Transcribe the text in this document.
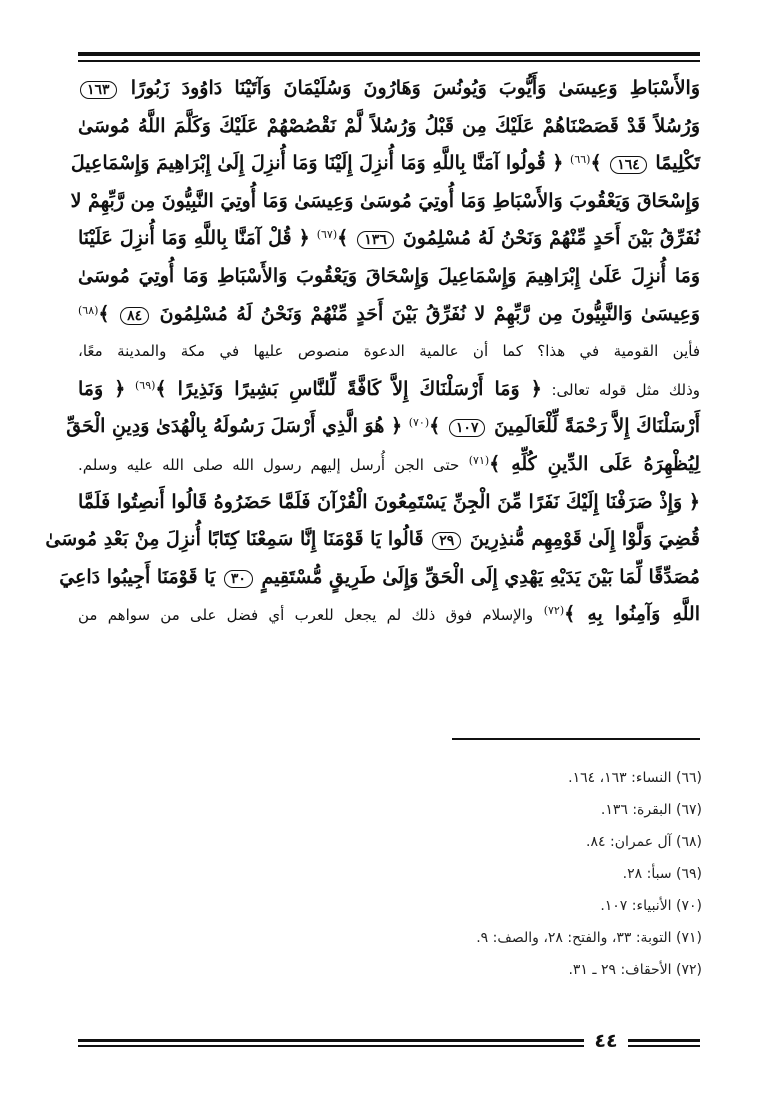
وَالأَسْبَاطِ وَعِيسَىٰ وَأَيُّوبَ وَيُونُسَ وَهَارُونَ وَسُلَيْمَانَ وَآتَيْنَا دَاوُودَ زَبُورًا ١٦٣
وَرُسُلاً قَدْ قَصَصْنَاهُمْ عَلَيْكَ مِن قَبْلُ وَرُسُلاً لَّمْ نَقْصُصْهُمْ عَلَيْكَ وَكَلَّمَ اللَّهُ مُوسَىٰ
تَكْلِيمًا ١٦٤ ﴾$^{(٦٦)}$ ﴿ قُولُوا آمَنَّا بِاللَّهِ وَمَا أُنزِلَ إِلَيْنَا وَمَا أُنزِلَ إِلَىٰ إِبْرَاهِيمَ وَإِسْمَاعِيلَ
وَإِسْحَاقَ وَيَعْقُوبَ وَالأَسْبَاطِ وَمَا أُوتِيَ مُوسَىٰ وَعِيسَىٰ وَمَا أُوتِيَ النَّبِيُّونَ مِن رَّبِّهِمْ لا
نُفَرِّقُ بَيْنَ أَحَدٍ مِّنْهُمْ وَنَحْنُ لَهُ مُسْلِمُونَ ١٣٦ ﴾$^{(٦٧)}$ ﴿ قُلْ آمَنَّا بِاللَّهِ وَمَا أُنزِلَ عَلَيْنَا
وَمَا أُنزِلَ عَلَىٰ إِبْرَاهِيمَ وَإِسْمَاعِيلَ وَإِسْحَاقَ وَيَعْقُوبَ وَالأَسْبَاطِ وَمَا أُوتِيَ مُوسَىٰ
وَعِيسَىٰ وَالنَّبِيُّونَ مِن رَّبِّهِمْ لا نُفَرِّقُ بَيْنَ أَحَدٍ مِّنْهُمْ وَنَحْنُ لَهُ مُسْلِمُونَ ٨٤ ﴾$^{(٦٨)}$
فأين القومية في هذا؟ كما أن عالمية الدعوة منصوص عليها في مكة والمدينة معًا،
وذلك مثل قوله تعالى: ﴿ وَمَا أَرْسَلْنَاكَ إِلاَّ كَافَّةً لِّلنَّاسِ بَشِيرًا وَنَذِيرًا ﴾$^{(٦٩)}$ ﴿ وَمَا
أَرْسَلْنَاكَ إِلاَّ رَحْمَةً لِّلْعَالَمِينَ ١٠٧ ﴾$^{(٧٠)}$ ﴿ هُوَ الَّذِي أَرْسَلَ رَسُولَهُ بِالْهُدَىٰ وَدِينِ الْحَقِّ
لِيُظْهِرَهُ عَلَى الدِّينِ كُلِّهِ ﴾$^{(٧١)}$ حتى الجن أُرسل إليهم رسول الله صلى الله عليه وسلم.
﴿ وَإِذْ صَرَفْنَا إِلَيْكَ نَفَرًا مِّنَ الْجِنِّ يَسْتَمِعُونَ الْقُرْآنَ فَلَمَّا حَضَرُوهُ قَالُوا أَنصِتُوا فَلَمَّا
قُضِيَ وَلَّوْا إِلَىٰ قَوْمِهِم مُّنذِرِينَ ٢٩ قَالُوا يَا قَوْمَنَا إِنَّا سَمِعْنَا كِتَابًا أُنزِلَ مِنْ بَعْدِ مُوسَىٰ
مُصَدِّقًا لِّمَا بَيْنَ يَدَيْهِ يَهْدِي إِلَى الْحَقِّ وَإِلَىٰ طَرِيقٍ مُّسْتَقِيمٍ ٣٠ يَا قَوْمَنَا أَجِيبُوا دَاعِيَ
اللَّهِ وَآمِنُوا بِهِ ﴾$^{(٧٢)}$ والإسلام فوق ذلك لم يجعل للعرب أي فضل على من سواهم من
(٦٦) النساء: ١٦٣، ١٦٤.
(٦٧) البقرة: ١٣٦.
(٦٨) آل عمران: ٨٤.
(٦٩) سبأ: ٢٨.
(٧٠) الأنبياء: ١٠٧.
(٧١) التوبة: ٣٣، والفتح: ٢٨، والصف: ٩.
(٧٢) الأحقاف: ٢٩ ـ ٣١.
٤٤
